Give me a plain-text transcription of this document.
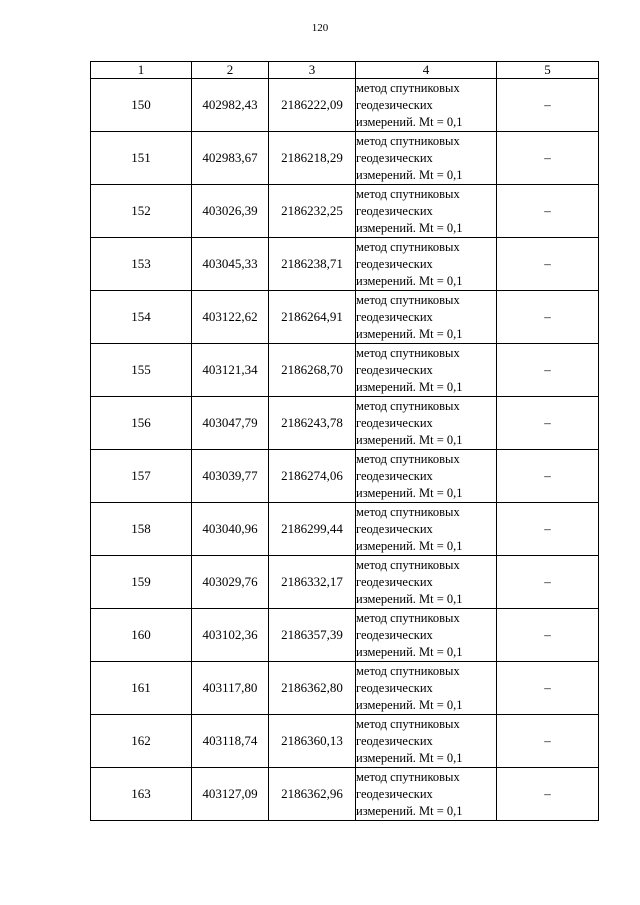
120
1	2	3	4	5
150	402982,43	2186222,09	метод спутниковых
геодезических
измерений. Mt = 0,1	–
151	402983,67	2186218,29	метод спутниковых
геодезических
измерений. Mt = 0,1	–
152	403026,39	2186232,25	метод спутниковых
геодезических
измерений. Mt = 0,1	–
153	403045,33	2186238,71	метод спутниковых
геодезических
измерений. Mt = 0,1	–
154	403122,62	2186264,91	метод спутниковых
геодезических
измерений. Mt = 0,1	–
155	403121,34	2186268,70	метод спутниковых
геодезических
измерений. Mt = 0,1	–
156	403047,79	2186243,78	метод спутниковых
геодезических
измерений. Mt = 0,1	–
157	403039,77	2186274,06	метод спутниковых
геодезических
измерений. Mt = 0,1	–
158	403040,96	2186299,44	метод спутниковых
геодезических
измерений. Mt = 0,1	–
159	403029,76	2186332,17	метод спутниковых
геодезических
измерений. Mt = 0,1	–
160	403102,36	2186357,39	метод спутниковых
геодезических
измерений. Mt = 0,1	–
161	403117,80	2186362,80	метод спутниковых
геодезических
измерений. Mt = 0,1	–
162	403118,74	2186360,13	метод спутниковых
геодезических
измерений. Mt = 0,1	–
163	403127,09	2186362,96	метод спутниковых
геодезических
измерений. Mt = 0,1	–
